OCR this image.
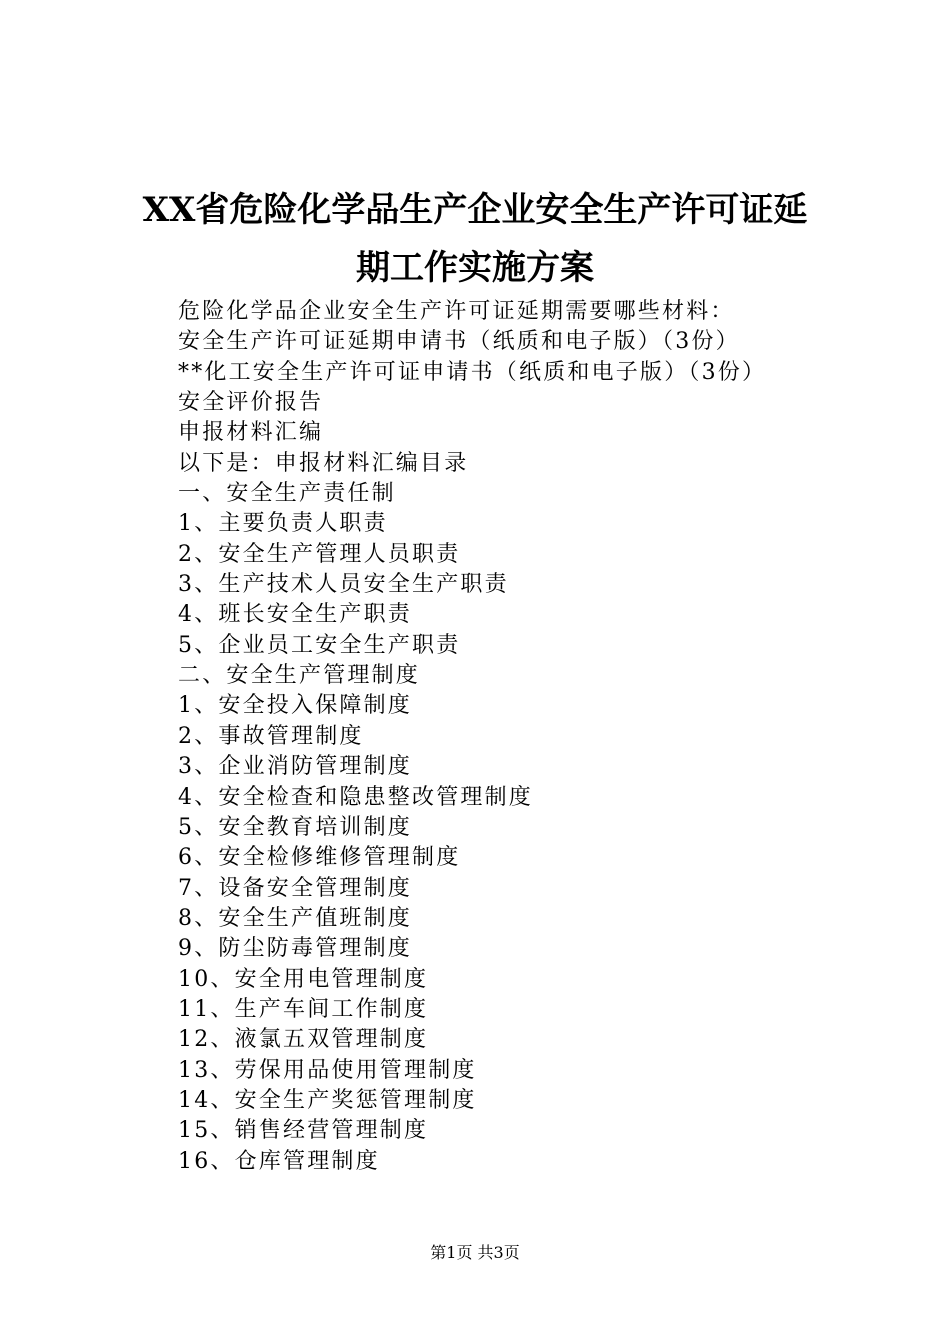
XX省危险化学品生产企业安全生产许可证延
期工作实施方案
危险化学品企业安全生产许可证延期需要哪些材料：
安全生产许可证延期申请书（纸质和电子版）（3份）
**化工安全生产许可证申请书（纸质和电子版）（3份）
安全评价报告
申报材料汇编
以下是：申报材料汇编目录
一、安全生产责任制
1、主要负责人职责
2、安全生产管理人员职责
3、生产技术人员安全生产职责
4、班长安全生产职责
5、企业员工安全生产职责
二、安全生产管理制度
1、安全投入保障制度
2、事故管理制度
3、企业消防管理制度
4、安全检查和隐患整改管理制度
5、安全教育培训制度
6、安全检修维修管理制度
7、设备安全管理制度
8、安全生产值班制度
9、防尘防毒管理制度
10、安全用电管理制度
11、生产车间工作制度
12、液氯五双管理制度
13、劳保用品使用管理制度
14、安全生产奖惩管理制度
15、销售经营管理制度
16、仓库管理制度
第1页 共3页
